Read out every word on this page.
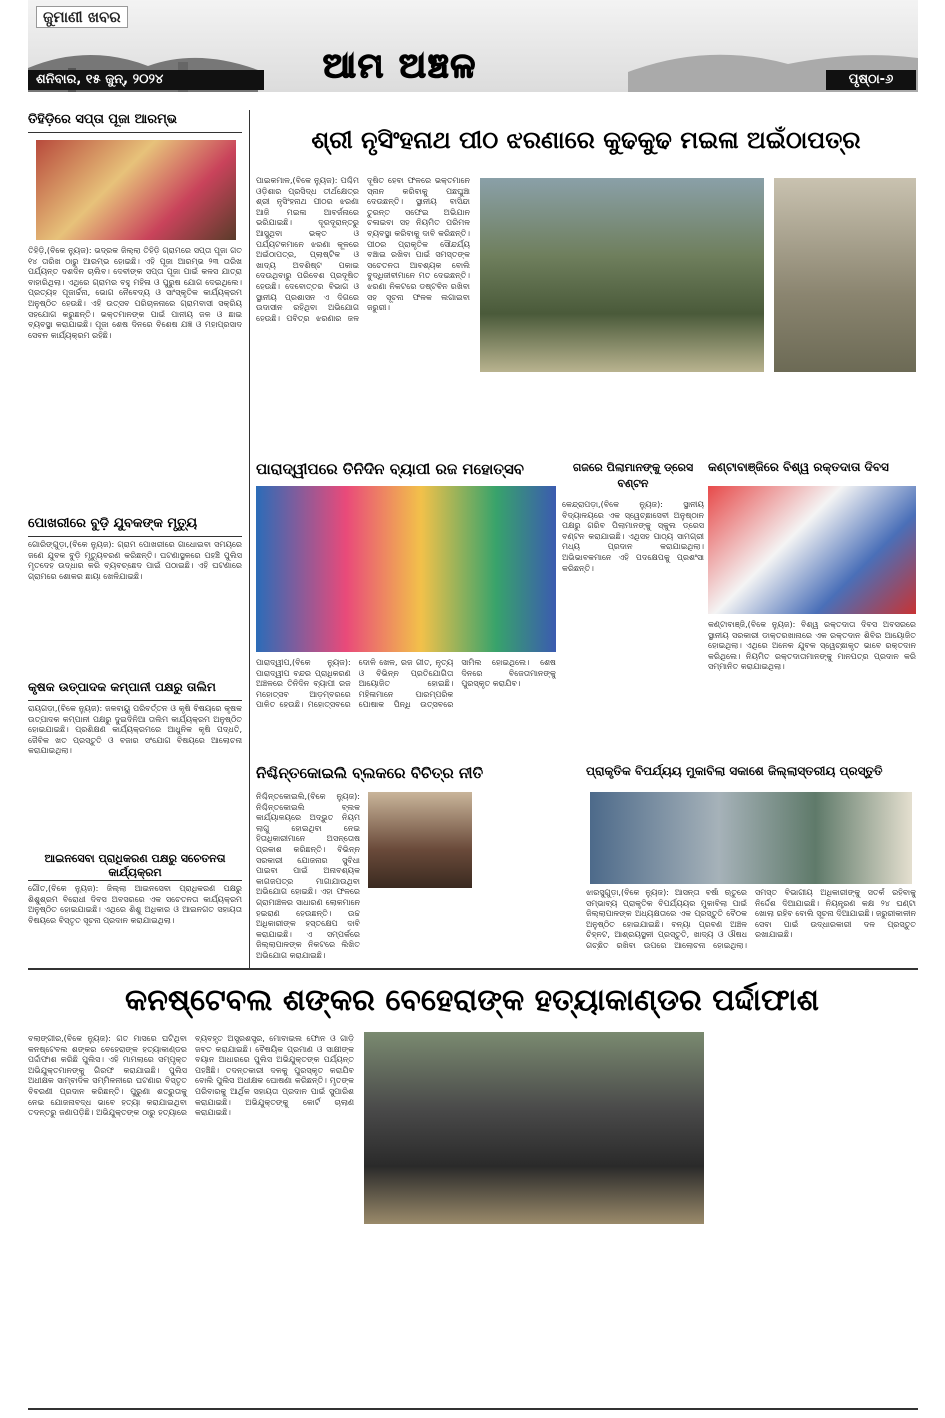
ଜୁମାଣୀ ଖବର
ଆମ ଅଞ୍ଚଳ
ଶନିବାର, ୧୫ ଜୁନ୍, ୨୦୨୪	ପୃଷ୍ଠା-୬
ତିହିଡ଼ିରେ ସପ୍ତା ପୂଜା ଆରମ୍ଭ
ତିହିଡ଼ି,(ବିକେ ନ୍ୟୁଜ): ଭଦ୍ରକ ଜିଲ୍ଲା ତିହିଡ଼ି ଗ୍ରାମରେ ସପ୍ତା ପୂଜା ଗତ ୧୪ ତାରିଖ ଠାରୁ ଆରମ୍ଭ ହୋଇଛି। ଏହି ପୂଜା ଆରମ୍ଭ ୨୩ ତାରିଖ ପର୍ଯ୍ୟନ୍ତ ଦଶଦିନ ଚାଲିବ। ଦେବୀଙ୍କ ସପ୍ତା ପୂଜା ପାଇଁ କଳସ ଯାତ୍ରା ବାହାରିଥିଲା। ଏଥିରେ ଗ୍ରାମର ବହୁ ମହିଳା ଓ ପୁରୁଷ ଯୋଗ ଦେଇଥିଲେ। ପ୍ରତ୍ୟହ ପୂଜାର୍ଚ୍ଚନା, ଭୋଗ ନୈବେଦ୍ୟ ଓ ସାଂସ୍କୃତିକ କାର୍ଯ୍ୟକ୍ରମ ଅନୁଷ୍ଠିତ ହେଉଛି। ଏହି ଉତ୍ସବ ପରିଚାଳନାରେ ଗ୍ରାମବାସୀ ସକ୍ରିୟ ସହଯୋଗ କରୁଛନ୍ତି। ଭକ୍ତମାନଙ୍କ ପାଇଁ ପାନୀୟ ଜଳ ଓ ଛାଇ ବ୍ୟବସ୍ଥା କରାଯାଇଛି। ପୂଜା ଶେଷ ଦିନରେ ବିଶେଷ ଯଜ୍ଞ ଓ ମହାପ୍ରସାଦ ସେବନ କାର୍ଯ୍ୟକ୍ରମ ରହିଛି।
ପୋଖରୀରେ ବୁଡ଼ି ଯୁବକଙ୍କ ମୃତ୍ୟୁ
ଗୋରିଙ୍ଗୁଡ଼ା,(ବିକେ ନ୍ୟୁଜ): ଗ୍ରାମ ପୋଖରୀରେ ଗାଧୋଇବା ସମୟରେ ଜଣେ ଯୁବକ ବୁଡ଼ି ମୃତ୍ୟୁବରଣ କରିଛନ୍ତି। ଘଟଣାସ୍ଥଳରେ ପହଞ୍ଚି ପୁଲିସ ମୃତଦେହ ଉଦ୍ଧାର କରି ବ୍ୟବଚ୍ଛେଦ ପାଇଁ ପଠାଇଛି। ଏହି ଘଟଣାରେ ଗ୍ରାମରେ ଶୋକର ଛାୟା ଖେଳିଯାଇଛି।
କୃଷକ ଉତ୍ପାଦକ କମ୍ପାନୀ ପକ୍ଷରୁ ତାଲିମ
ରାୟଗଡ଼ା,(ବିକେ ନ୍ୟୁଜ): ଜଳବାୟୁ ପରିବର୍ତ୍ତନ ଓ କୃଷି ବିଷୟରେ କୃଷକ ଉତ୍ପାଦକ କମ୍ପାନୀ ପକ୍ଷରୁ ଦୁଇଦିନିଆ ତାଲିମ କାର୍ଯ୍ୟକ୍ରମ ଅନୁଷ୍ଠିତ ହୋଇଯାଇଛି। ପ୍ରଶିକ୍ଷଣ କାର୍ଯ୍ୟକ୍ରମରେ ଆଧୁନିକ କୃଷି ପଦ୍ଧତି, ଜୈବିକ ଖତ ପ୍ରସ୍ତୁତି ଓ ବଜାର ସଂଯୋଗ ବିଷୟରେ ଆଲୋଚନା କରାଯାଇଥିଲା।
ଆଇନସେବା ପ୍ରାଧିକରଣ ପକ୍ଷରୁ ସଚେତନତା କାର୍ଯ୍ୟକ୍ରମ
ଗୌତ,(ବିକେ ନ୍ୟୁଜ): ଜିଲ୍ଲା ଆଇନସେବା ପ୍ରାଧିକରଣ ପକ୍ଷରୁ ଶିଶୁଶ୍ରମ ବିରୋଧୀ ଦିବସ ଅବସରରେ ଏକ ସଚେତନତା କାର୍ଯ୍ୟକ୍ରମ ଅନୁଷ୍ଠିତ ହୋଇଯାଇଛି। ଏଥିରେ ଶିଶୁ ଅଧିକାର ଓ ଆଇନଗତ ସହାୟତା ବିଷୟରେ ବିସ୍ତୃତ ସୂଚନା ପ୍ରଦାନ କରାଯାଇଥିଲା।
ଶ୍ରୀ ନୃସିଂହନାଥ ପୀଠ ଝରଣାରେ କୁଢକୁଢ ମଇଳା ଅଇଁଠାପତ୍ର
ପାଇକମାଳ,(ବିକେ ନ୍ୟୁଜ): ପଶ୍ଚିମ ଓଡ଼ିଶାର ପ୍ରସିଦ୍ଧ ତୀର୍ଥକ୍ଷେତ୍ର ଶ୍ରୀ ନୃସିଂହନାଥ ପୀଠର ଝରଣା ଆଜି ମଇଳା ଆବର୍ଜନାରେ ଭରିଯାଇଛି। ଦୂରଦୂରାନ୍ତରୁ ଆସୁଥିବା ଭକ୍ତ ଓ ପର୍ଯ୍ୟଟକମାନେ ଝରଣା କୂଳରେ ଅଇଁଠାପତ୍ର, ପ୍ଲାଷ୍ଟିକ ଓ ଖାଦ୍ୟ ଅବଶିଷ୍ଟ ପକାଇ ଦେଉଥିବାରୁ ପରିବେଶ ପ୍ରଦୂଷିତ ହେଉଛି। ଦେବୋତ୍ତର ବିଭାଗ ଓ ସ୍ଥାନୀୟ ପ୍ରଶାସନ ଏ ଦିଗରେ ଉଦାସୀନ ରହିଥିବା ଅଭିଯୋଗ ହେଉଛି। ପବିତ୍ର ଝରଣାର ଜଳ ଦୂଷିତ ହେବା ଫଳରେ ଭକ୍ତମାନେ ସ୍ନାନ କରିବାକୁ ପଛଘୁଞ୍ଚା ଦେଉଛନ୍ତି। ସ୍ଥାନୀୟ ବାସିନ୍ଦା ତୁରନ୍ତ ସଫେଇ ଅଭିଯାନ ଚଳାଇବା ସହ ନିୟମିତ ପରିମଳ ବ୍ୟବସ୍ଥା କରିବାକୁ ଦାବି କରିଛନ୍ତି। ପୀଠର ପ୍ରାକୃତିକ ସୌନ୍ଦର୍ଯ୍ୟ ବଞ୍ଚାଇ ରଖିବା ପାଇଁ ସମସ୍ତଙ୍କ ସଚେତନତା ଆବଶ୍ୟକ ବୋଲି ବୁଦ୍ଧିଜୀବୀମାନେ ମତ ଦେଇଛନ୍ତି। ଝରଣା ନିକଟରେ ଡଷ୍ଟବିନ ରଖିବା ସହ ସୂଚନା ଫଳକ ଲଗାଇବା ଜରୁରୀ।
ପାରାଦ୍ୱୀପରେ ତିନିଦିନ ବ୍ୟାପୀ ରଜ ମହୋତ୍ସବ
ପାରାଦ୍ୱୀପ,(ବିକେ ନ୍ୟୁଜ): ପାରାଦ୍ୱୀପ ବନ୍ଦର ପ୍ରାଧିକରଣ ଅଞ୍ଚଳରେ ତିନିଦିନ ବ୍ୟାପୀ ରଜ ମହୋତ୍ସବ ଆଡ଼ମ୍ବରରେ ପାଳିତ ହେଉଛି। ମହୋତ୍ସବରେ ଦୋଳି ଖେଳ, ରଜ ଗୀତ, ନୃତ୍ୟ ଓ ବିଭିନ୍ନ ପ୍ରତିଯୋଗିତା ଆୟୋଜିତ ହୋଇଛି। ମହିଳାମାନେ ପାରମ୍ପରିକ ପୋଷାକ ପିନ୍ଧି ଉତ୍ସବରେ ସାମିଲ ହୋଇଥିଲେ। ଶେଷ ଦିନରେ ବିଜେତାମାନଙ୍କୁ ପୁରସ୍କୃତ କରାଯିବ।
ଗଜରେ ପିଲାମାନଙ୍କୁ ଡ୍ରେସ ବଣ୍ଟନ
କେନ୍ଦ୍ରାପଡ଼ା,(ବିକେ ନ୍ୟୁଜ): ସ୍ଥାନୀୟ ବିଦ୍ୟାଳୟରେ ଏକ ସ୍ୱେଚ୍ଛାସେବୀ ଅନୁଷ୍ଠାନ ପକ୍ଷରୁ ଗରିବ ପିଲାମାନଙ୍କୁ ସ୍କୁଲ ଡ୍ରେସ ବଣ୍ଟନ କରାଯାଇଛି। ଏଥିସହ ପାଠ୍ୟ ସାମଗ୍ରୀ ମଧ୍ୟ ପ୍ରଦାନ କରାଯାଇଥିଲା। ଅଭିଭାବକମାନେ ଏହି ପଦକ୍ଷେପକୁ ପ୍ରଶଂସା କରିଛନ୍ତି।
କଣ୍ଟାବାଞ୍ଜିରେ ବିଶ୍ୱ ରକ୍ତଦାତା ଦିବସ
କଣ୍ଟାବାଞ୍ଜି,(ବିକେ ନ୍ୟୁଜ): ବିଶ୍ୱ ରକ୍ତଦାତା ଦିବସ ଅବସରରେ ସ୍ଥାନୀୟ ସରକାରୀ ଡାକ୍ତରଖାନାରେ ଏକ ରକ୍ତଦାନ ଶିବିର ଆୟୋଜିତ ହୋଇଥିଲା। ଏଥିରେ ଅନେକ ଯୁବକ ସ୍ୱେଚ୍ଛାକୃତ ଭାବେ ରକ୍ତଦାନ କରିଥିଲେ। ନିୟମିତ ରକ୍ତଦାତାମାନଙ୍କୁ ମାନପତ୍ର ପ୍ରଦାନ କରି ସମ୍ମାନିତ କରାଯାଇଥିଲା।
ନିଶ୍ଚିନ୍ତକୋଇଲି ବ୍ଲକରେ ବିଚିତ୍ର ନୀତି
ନିଶ୍ଚିନ୍ତକୋଇଲି,(ବିକେ ନ୍ୟୁଜ): ନିଶ୍ଚିନ୍ତକୋଇଲି ବ୍ଲକ କାର୍ଯ୍ୟାଳୟରେ ଅଦ୍ଭୁତ ନିୟମ ଲାଗୁ ହୋଇଥିବା ନେଇ ହିତାଧିକାରୀମାନେ ଅସନ୍ତୋଷ ପ୍ରକାଶ କରିଛନ୍ତି। ବିଭିନ୍ନ ସରକାରୀ ଯୋଜନାର ସୁବିଧା ପାଇବା ପାଇଁ ଅନାବଶ୍ୟକ କାଗଜପତ୍ର ମାଗାଯାଉଥିବା ଅଭିଯୋଗ ହୋଇଛି। ଏହା ଫଳରେ ଗ୍ରାମାଞ୍ଚଳର ସାଧାରଣ ଲୋକମାନେ ହଇରାଣ ହେଉଛନ୍ତି। ଉଚ୍ଚ ଅଧିକାରୀଙ୍କ ହସ୍ତକ୍ଷେପ ଦାବି କରାଯାଇଛି। ଏ ସମ୍ପର୍କରେ ଜିଲ୍ଲାପାଳଙ୍କ ନିକଟରେ ଲିଖିତ ଅଭିଯୋଗ କରାଯାଇଛି।
ପ୍ରାକୃତିକ ବିପର୍ଯ୍ୟୟ ମୁକାବିଲା ସକାଶେ ଜିଲ୍ଲାସ୍ତରୀୟ ପ୍ରସ୍ତୁତି
ଝାରସୁଗୁଡ଼ା,(ବିକେ ନ୍ୟୁଜ): ଆସନ୍ତା ବର୍ଷା ଋତୁରେ ସମ୍ଭାବ୍ୟ ପ୍ରାକୃତିକ ବିପର୍ଯ୍ୟୟର ମୁକାବିଲା ପାଇଁ ଜିଲ୍ଲାପାଳଙ୍କ ଅଧ୍ୟକ୍ଷତାରେ ଏକ ପ୍ରସ୍ତୁତି ବୈଠକ ଅନୁଷ୍ଠିତ ହୋଇଯାଇଛି। ବନ୍ୟା ପ୍ରବଣ ଅଞ୍ଚଳ ଚିହ୍ନଟ, ଆଶ୍ରୟସ୍ଥଳୀ ପ୍ରସ୍ତୁତି, ଖାଦ୍ୟ ଓ ଔଷଧ ଗଚ୍ଛିତ ରଖିବା ଉପରେ ଆଲୋଚନା ହୋଇଥିଲା। ସମସ୍ତ ବିଭାଗୀୟ ଅଧିକାରୀଙ୍କୁ ସତର୍କ ରହିବାକୁ ନିର୍ଦ୍ଦେଶ ଦିଆଯାଇଛି। ନିୟନ୍ତ୍ରଣ କକ୍ଷ ୨୪ ଘଣ୍ଟା ଖୋଲା ରହିବ ବୋଲି ସୂଚନା ଦିଆଯାଇଛି। ଜରୁରୀକାଳୀନ ସେବା ପାଇଁ ଉଦ୍ଧାରକାରୀ ଦଳ ପ୍ରସ୍ତୁତ ରଖାଯାଇଛି।
କନଷ୍ଟେବଲ ଶଙ୍କର ବେହେରାଙ୍କ ହତ୍ୟାକାଣ୍ଡର ପର୍ଦ୍ଦାଫାଶ
ବଲାଙ୍ଗୀର,(ବିକେ ନ୍ୟୁଜ): ଗତ ମାସରେ ଘଟିଥିବା କନଷ୍ଟେବଲ ଶଙ୍କର ବେହେରାଙ୍କ ହତ୍ୟାକାଣ୍ଡର ପର୍ଦ୍ଦାଫାଶ କରିଛି ପୁଲିସ। ଏହି ମାମଲାରେ ସମ୍ପୃକ୍ତ ଅଭିଯୁକ୍ତମାନଙ୍କୁ ଗିରଫ କରାଯାଇଛି। ପୁଲିସ ଅଧୀକ୍ଷକ ସାମ୍ବାଦିକ ସମ୍ମିଳନୀରେ ଘଟଣାର ବିସ୍ତୃତ ବିବରଣୀ ପ୍ରଦାନ କରିଛନ୍ତି। ପୁରୁଣା ଶତ୍ରୁତାକୁ ନେଇ ଯୋଜନାବଦ୍ଧ ଭାବେ ହତ୍ୟା କରାଯାଇଥିବା ତଦନ୍ତରୁ ଜଣାପଡ଼ିଛି। ଅଭିଯୁକ୍ତଙ୍କ ଠାରୁ ହତ୍ୟାରେ ବ୍ୟବହୃତ ଅସ୍ତ୍ରଶସ୍ତ୍ର, ମୋବାଇଲ ଫୋନ ଓ ଗାଡ଼ି ଜବତ କରାଯାଇଛି। ବୈଷୟିକ ପ୍ରମାଣ ଓ ସାକ୍ଷୀଙ୍କ ବୟାନ ଆଧାରରେ ପୁଲିସ ଅଭିଯୁକ୍ତଙ୍କ ପର୍ଯ୍ୟନ୍ତ ପହଞ୍ଚିଛି। ତଦନ୍ତକାରୀ ଦଳକୁ ପୁରସ୍କୃତ କରାଯିବ ବୋଲି ପୁଲିସ ଅଧୀକ୍ଷକ ଘୋଷଣା କରିଛନ୍ତି। ମୃତଙ୍କ ପରିବାରକୁ ଆର୍ଥିକ ସହାୟତା ପ୍ରଦାନ ପାଇଁ ସୁପାରିଶ କରାଯାଇଛି। ଅଭିଯୁକ୍ତଙ୍କୁ କୋର୍ଟ ଚାଲାଣ କରାଯାଇଛି।
